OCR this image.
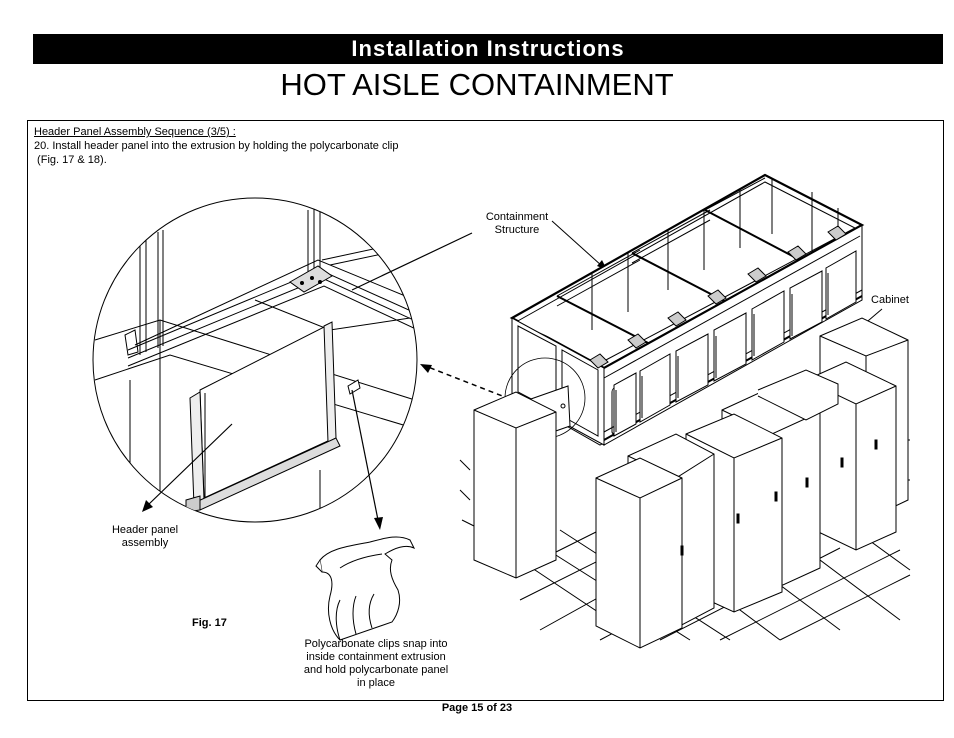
Installation Instructions
HOT AISLE CONTAINMENT
Header Panel Assembly Sequence (3/5) :
20. Install header panel into the extrusion by holding the polycarbonate clip
(Fig. 17 & 18).
Containment
Structure
Cabinet
Header panel
assembly
Fig. 17
Polycarbonate clips snap into
inside containment extrusion
and hold polycarbonate panel
in place
Page 15 of 23
